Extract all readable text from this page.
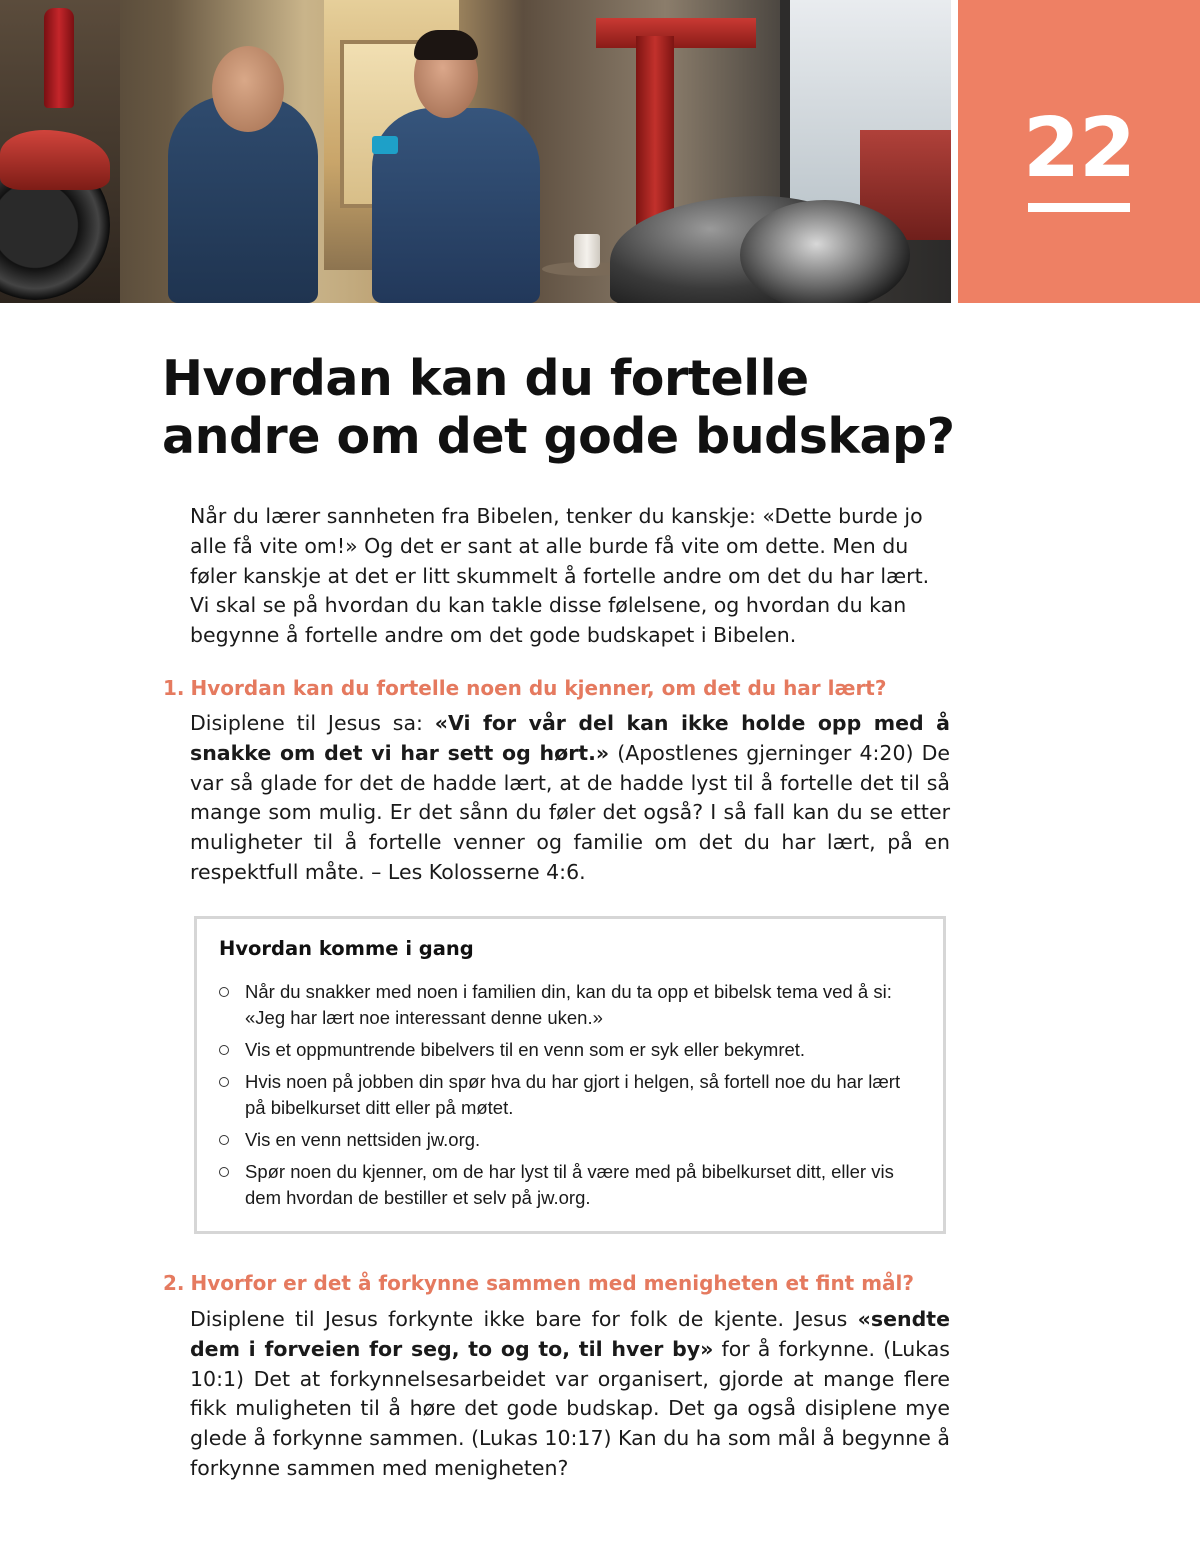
22
Hvordan kan du fortelle andre om det gode budskap?

Når du lærer sannheten fra Bibelen, tenker du kanskje: «Dette burde jo alle få vite om!» Og det er sant at alle burde få vite om dette. Men du føler kanskje at det er litt skummelt å fortelle andre om det du har lært. Vi skal se på hvordan du kan takle disse følelsene, og hvordan du kan begynne å fortelle andre om det gode budskapet i Bibelen.

1. Hvordan kan du fortelle noen du kjenner, om det du har lært?

Disiplene til Jesus sa: «Vi for vår del kan ikke holde opp med å snakke om det vi har sett og hørt.» (Apostlenes gjerninger 4:20) De var så glade for det de hadde lært, at de hadde lyst til å fortelle det til så mange som mulig. Er det sånn du føler det også? I så fall kan du se etter muligheter til å fortelle venner og familie om det du har lært, på en respektfull måte. – Les Kolosserne 4:6.

Hvordan komme i gang
Når du snakker med noen i familien din, kan du ta opp et bibelsk tema ved å si: «Jeg har lært noe interessant denne uken.»
Vis et oppmuntrende bibelvers til en venn som er syk eller bekymret.
Hvis noen på jobben din spør hva du har gjort i helgen, så fortell noe du har lært på bibelkurset ditt eller på møtet.
Vis en venn nettsiden jw.org.
Spør noen du kjenner, om de har lyst til å være med på bibelkurset ditt, eller vis dem hvordan de bestiller et selv på jw.org.
2. Hvorfor er det å forkynne sammen med menigheten et fint mål?

Disiplene til Jesus forkynte ikke bare for folk de kjente. Jesus «sendte dem i forveien for seg, to og to, til hver by» for å forkynne. (Lukas 10:1) Det at forkynnelsesarbeidet var organisert, gjorde at mange flere fikk muligheten til å høre det gode budskap. Det ga også disiplene mye glede å forkynne sammen. (Lukas 10:17) Kan du ha som mål å begynne å forkynne sammen med menigheten?
